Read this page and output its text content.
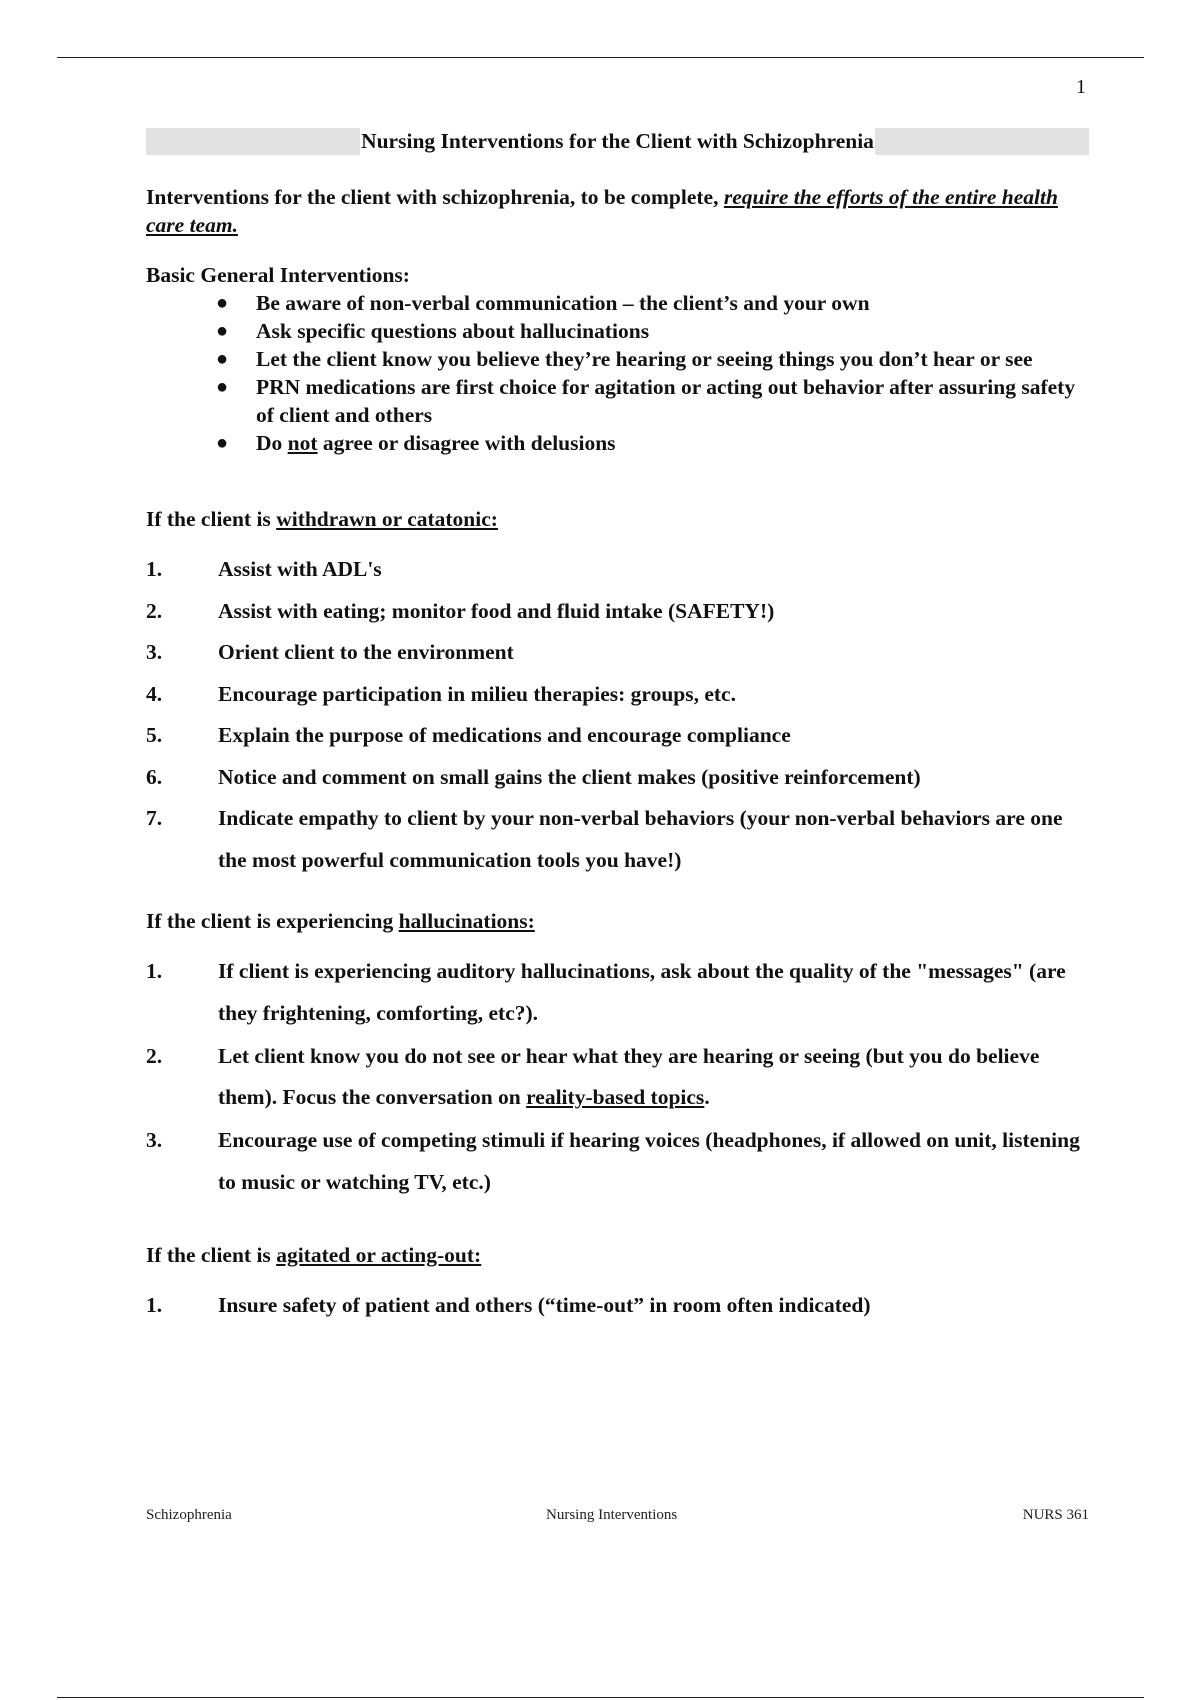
1
Nursing Interventions for the Client with Schizophrenia
Interventions for the client with schizophrenia, to be complete, require the efforts of the entire health care team.
Basic General Interventions:
● Be aware of non-verbal communication – the client’s and your own
● Ask specific questions about hallucinations
● Let the client know you believe they’re hearing or seeing things you don’t hear or see
● PRN medications are first choice for agitation or acting out behavior after assuring safety of client and others
● Do not agree or disagree with delusions
If the client is withdrawn or catatonic:
1.	Assist with ADL's
2.	Assist with eating; monitor food and fluid intake (SAFETY!)
3.	Orient client to the environment
4.	Encourage participation in milieu therapies: groups, etc.
5.	Explain the purpose of medications and encourage compliance
6.	Notice and comment on small gains the client makes (positive reinforcement)
7.	Indicate empathy to client by your non-verbal behaviors (your non-verbal behaviors are one the most powerful communication tools you have!)
If the client is experiencing hallucinations:
1.	If client is experiencing auditory hallucinations, ask about the quality of the "messages" (are they frightening, comforting, etc?).
2.	Let client know you do not see or hear what they are hearing or seeing (but you do believe them). Focus the conversation on reality-based topics.
3.	Encourage use of competing stimuli if hearing voices (headphones, if allowed on unit, listening to music or watching TV, etc.)
If the client is agitated or acting-out:
1.	Insure safety of patient and others (“time-out” in room often indicated)
Schizophrenia	Nursing Interventions	NURS 361
